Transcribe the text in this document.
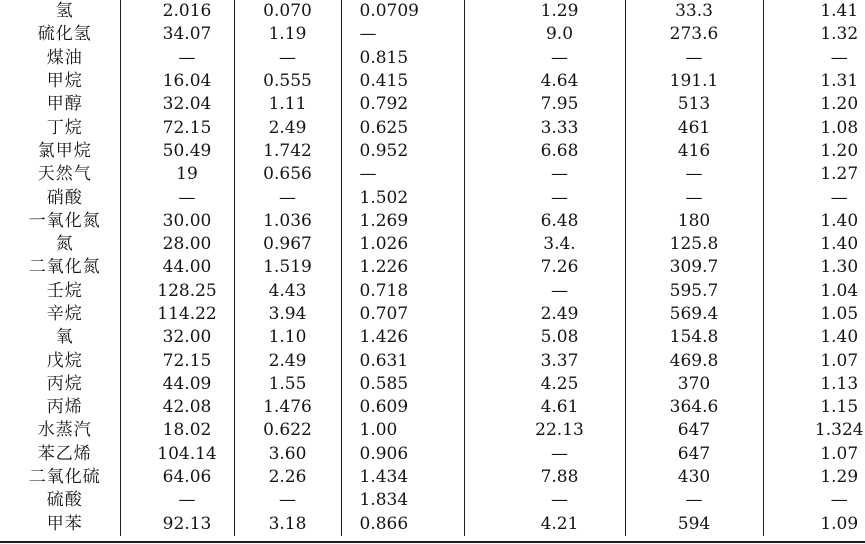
氢	2.016	0.070	0.0709	1.29	33.3	1.41
硫化氢	34.07	1.19	—	9.0	273.6	1.32
煤油	—	—	0.815	—	—	—
甲烷	16.04	0.555	0.415	4.64	191.1	1.31
甲醇	32.04	1.11	0.792	7.95	513	1.20
丁烷	72.15	2.49	0.625	3.33	461	1.08
氯甲烷	50.49	1.742	0.952	6.68	416	1.20
天然气	19	0.656	—	—	—	1.27
硝酸	—	—	1.502	—	—	—
一氧化氮	30.00	1.036	1.269	6.48	180	1.40
氮	28.00	0.967	1.026	3.4.	125.8	1.40
二氧化氮	44.00	1.519	1.226	7.26	309.7	1.30
壬烷	128.25	4.43	0.718	—	595.7	1.04
辛烷	114.22	3.94	0.707	2.49	569.4	1.05
氧	32.00	1.10	1.426	5.08	154.8	1.40
戊烷	72.15	2.49	0.631	3.37	469.8	1.07
丙烷	44.09	1.55	0.585	4.25	370	1.13
丙烯	42.08	1.476	0.609	4.61	364.6	1.15
水蒸汽	18.02	0.622	1.00	22.13	647	1.324
苯乙烯	104.14	3.60	0.906	—	647	1.07
二氧化硫	64.06	2.26	1.434	7.88	430	1.29
硫酸	—	—	1.834	—	—	—
甲苯	92.13	3.18	0.866	4.21	594	1.09
